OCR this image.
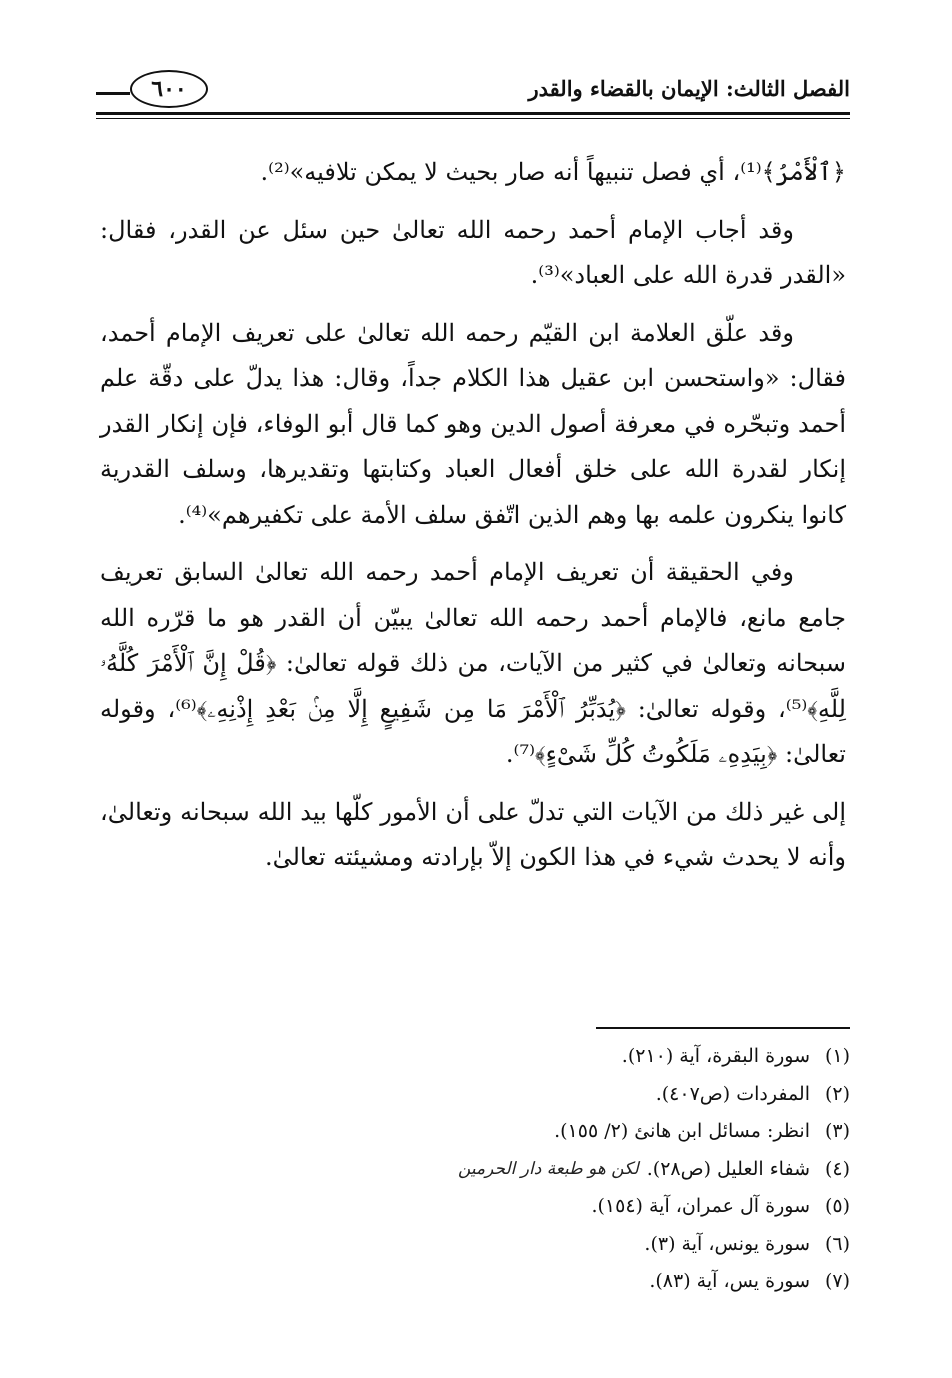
الفصل الثالث: الإيمان بالقضاء والقدر
٦٠٠

﴿ٱلْأَمْرُ﴾⁽¹⁾، أي فصل تنبيهاً أنه صار بحيث لا يمكن تلافيه»⁽²⁾.

وقد أجاب الإمام أحمد رحمه الله تعالىٰ حين سئل عن القدر، فقال: «القدر قدرة الله على العباد»⁽³⁾.

وقد علّق العلامة ابن القيّم رحمه الله تعالىٰ على تعريف الإمام أحمد، فقال: «واستحسن ابن عقيل هذا الكلام جداً، وقال: هذا يدلّ على دقّة علم أحمد وتبحّره في معرفة أصول الدين وهو كما قال أبو الوفاء، فإن إنكار القدر إنكار لقدرة الله على خلق أفعال العباد وكتابتها وتقديرها، وسلف القدرية كانوا ينكرون علمه بها وهم الذين اتّفق سلف الأمة على تكفيرهم»⁽⁴⁾.

وفي الحقيقة أن تعريف الإمام أحمد رحمه الله تعالىٰ السابق تعريف جامع مانع، فالإمام أحمد رحمه الله تعالىٰ يبيّن أن القدر هو ما قرّره الله سبحانه وتعالىٰ في كثير من الآيات، من ذلك قوله تعالىٰ: ﴿قُلْ إِنَّ ٱلْأَمْرَ كُلَّهُۥ لِلَّهِ﴾⁽⁵⁾، وقوله تعالىٰ: ﴿يُدَبِّرُ ٱلْأَمْرَ مَا مِن شَفِيعٍ إِلَّا مِنۢ بَعْدِ إِذْنِهِۦ﴾⁽⁶⁾، وقوله تعالىٰ: ﴿بِيَدِهِۦ مَلَكُوتُ كُلِّ شَىْءٍ﴾⁽⁷⁾.

إلى غير ذلك من الآيات التي تدلّ على أن الأمور كلّها بيد الله سبحانه وتعالىٰ، وأنه لا يحدث شيء في هذا الكون إلاّ بإرادته ومشيئته تعالىٰ.

(١)
سورة البقرة، آية (٢١٠).
(٢)
المفردات (ص٤٠٧).
(٣)
انظر: مسائل ابن هانئ (٢/ ١٥٥).
(٤)
شفاء العليل (ص٢٨).
لكن هو طبعة دار الحرمين
(٥)
سورة آل عمران، آية (١٥٤).
(٦)
سورة يونس، آية (٣).
(٧)
سورة يس، آية (٨٣).
